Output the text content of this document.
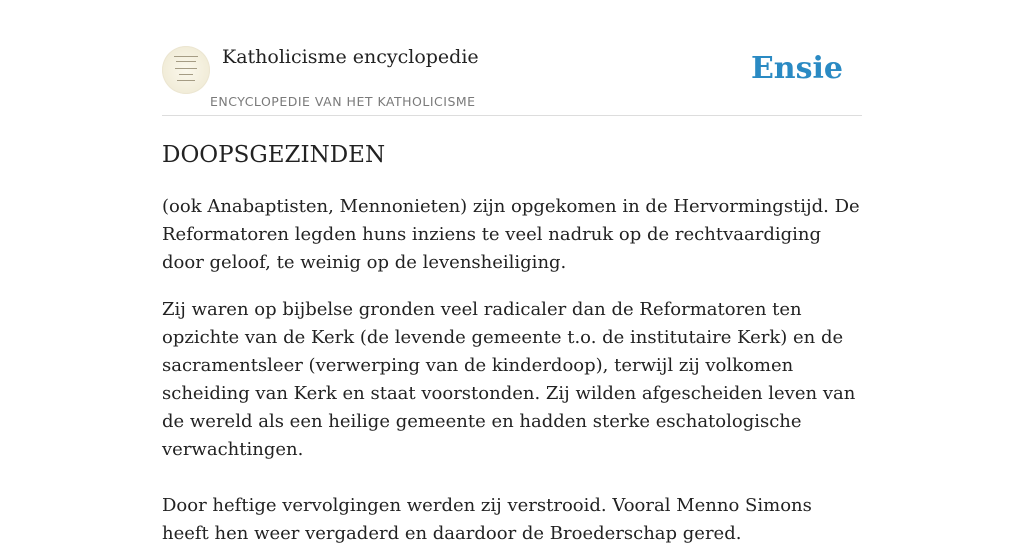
Katholicisme encyclopedie
ENCYCLOPEDIE VAN HET KATHOLICISME
Ensie
DOOPSGEZINDEN

(ook Anabaptisten, Mennonieten) zijn opgekomen in de Hervormingstijd. De Reformatoren legden huns inziens te veel nadruk op de rechtvaardiging door geloof, te weinig op de levensheiliging.

Zij waren op bijbelse gronden veel radicaler dan de Reformatoren ten opzichte van de Kerk (de levende gemeente t.o. de institutaire Kerk) en de sacramentsleer (verwerping van de kinderdoop), terwijl zij volkomen scheiding van Kerk en staat voorstonden. Zij wilden afgescheiden leven van de wereld als een heilige gemeente en hadden sterke eschatologische verwachtingen.

Door heftige vervolgingen werden zij verstrooid. Vooral Menno Simons heeft hen weer vergaderd en daardoor de Broederschap gered.
